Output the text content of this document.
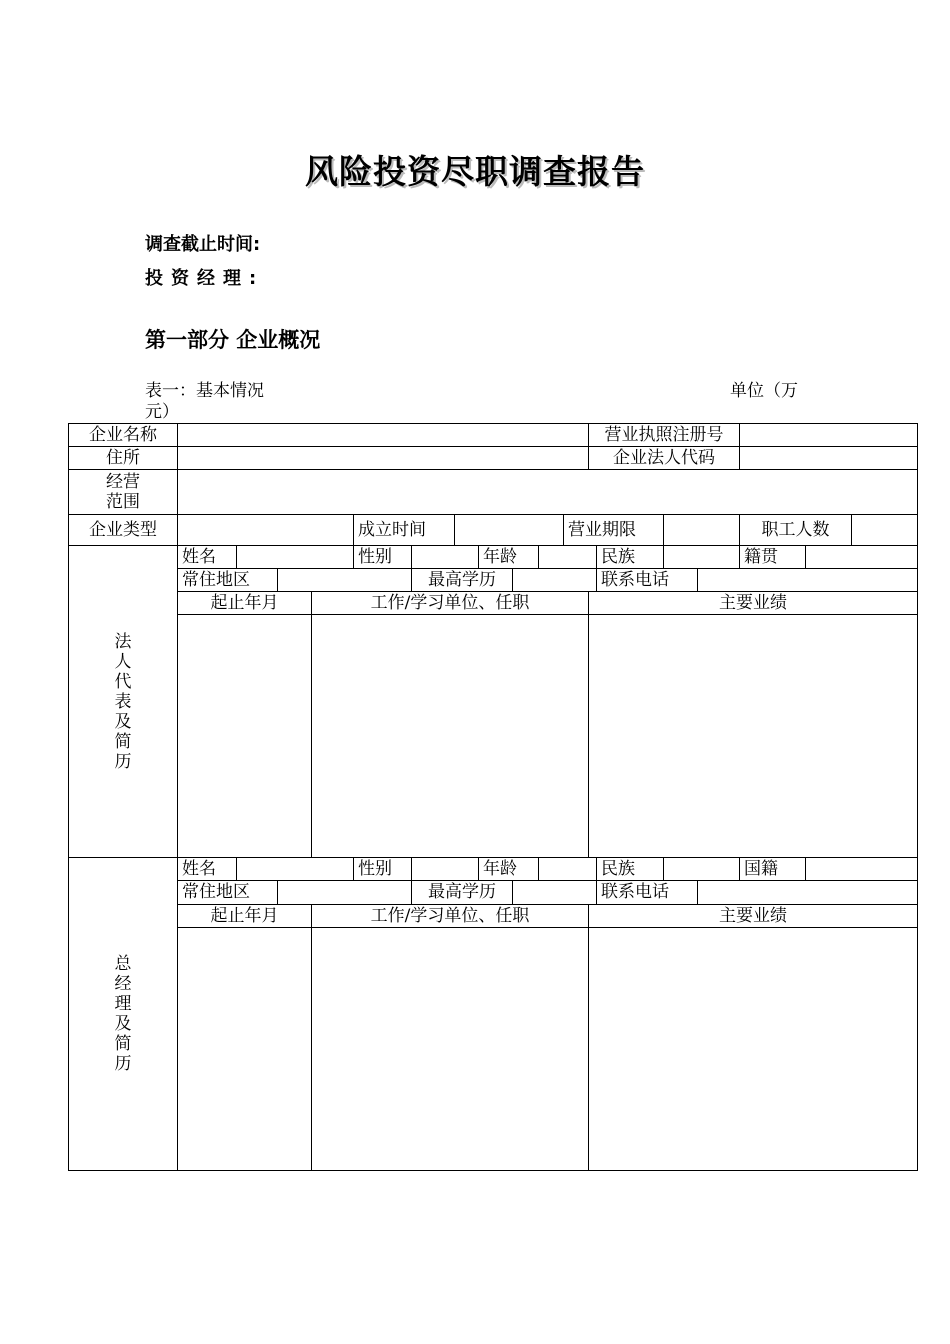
风险投资尽职调查报告
调查截止时间:
投资经理:
第一部分 企业概况
表一：基本情况	单位（万
元）
企业名称												营业执照注册号						
住所												企业法人代码						

经营
范围																		

企业类型					成立时间						营业期限					职工人数		
法人代表及简历	姓名				性别			年龄					民族			籍贯		
	常住地区					最高学历							联系电话					
	起止年月			工作/学习单位、任职								主要业绩						

总经理及简历	姓名				性别			年龄					民族			国籍		
	常住地区					最高学历							联系电话					
	起止年月			工作/学习单位、任职								主要业绩						
